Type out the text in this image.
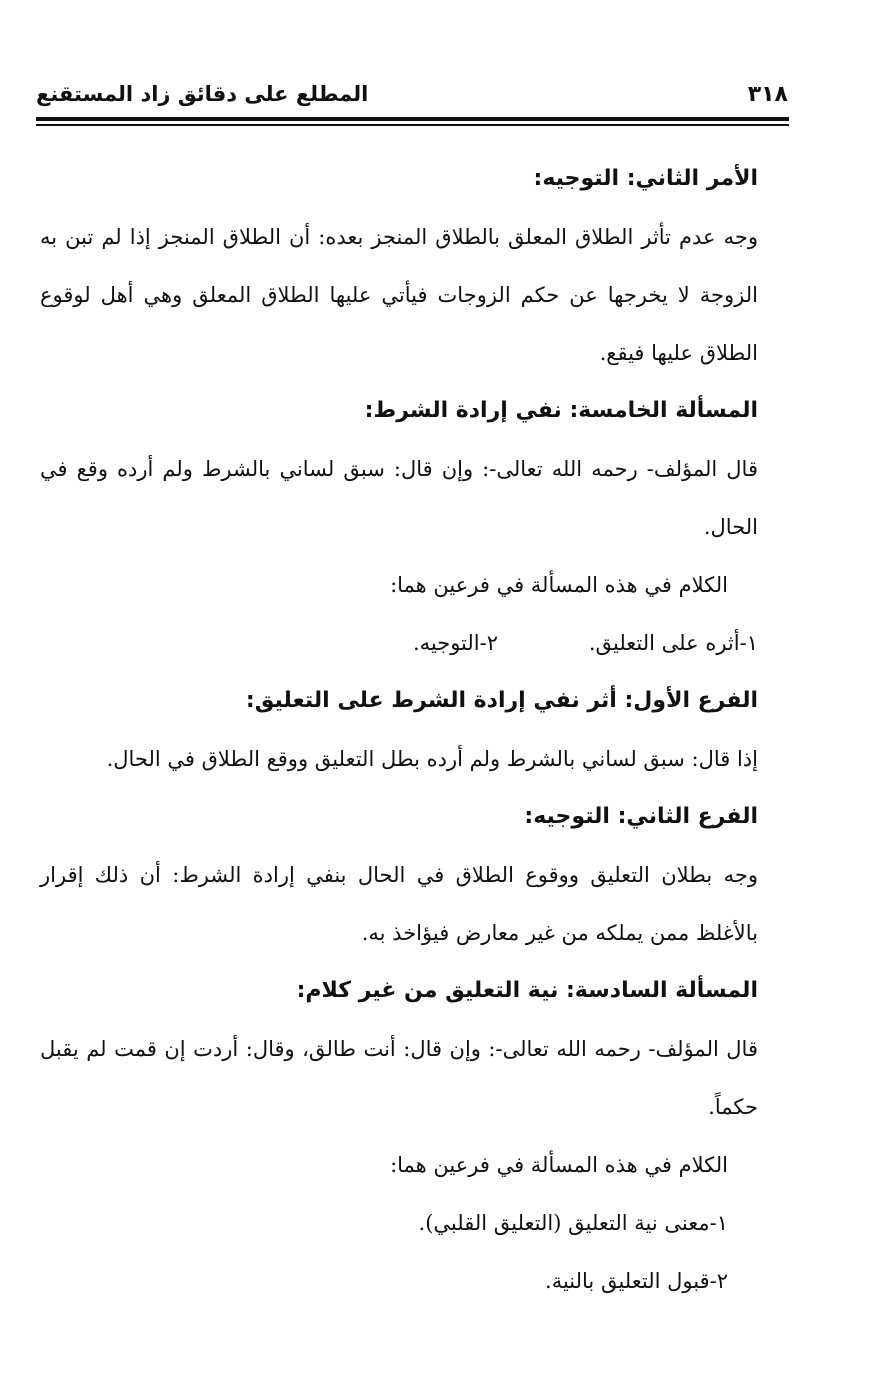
٣١٨
المطلع على دقائق زاد المستقنع
الأمر الثاني: التوجيه:

وجه عدم تأثر الطلاق المعلق بالطلاق المنجز بعده: أن الطلاق المنجز إذا لم تبن به الزوجة لا يخرجها عن حكم الزوجات فيأتي عليها الطلاق المعلق وهي أهل لوقوع الطلاق عليها فيقع.

المسألة الخامسة: نفي إرادة الشرط:

قال المؤلف- رحمه الله تعالى-: وإن قال: سبق لساني بالشرط ولم أرده وقع في الحال.

الكلام في هذه المسألة في فرعين هما:

١-أثره على التعليق.
٢-التوجيه.
الفرع الأول: أثر نفي إرادة الشرط على التعليق:

إذا قال: سبق لساني بالشرط ولم أرده بطل التعليق ووقع الطلاق في الحال.

الفرع الثاني: التوجيه:

وجه بطلان التعليق ووقوع الطلاق في الحال بنفي إرادة الشرط: أن ذلك إقرار بالأغلظ ممن يملكه من غير معارض فيؤاخذ به.

المسألة السادسة: نية التعليق من غير كلام:

قال المؤلف- رحمه الله تعالى-: وإن قال: أنت طالق، وقال: أردت إن قمت لم يقبل حكماً.

الكلام في هذه المسألة في فرعين هما:

١-معنى نية التعليق (التعليق القلبي).

٢-قبول التعليق بالنية.
